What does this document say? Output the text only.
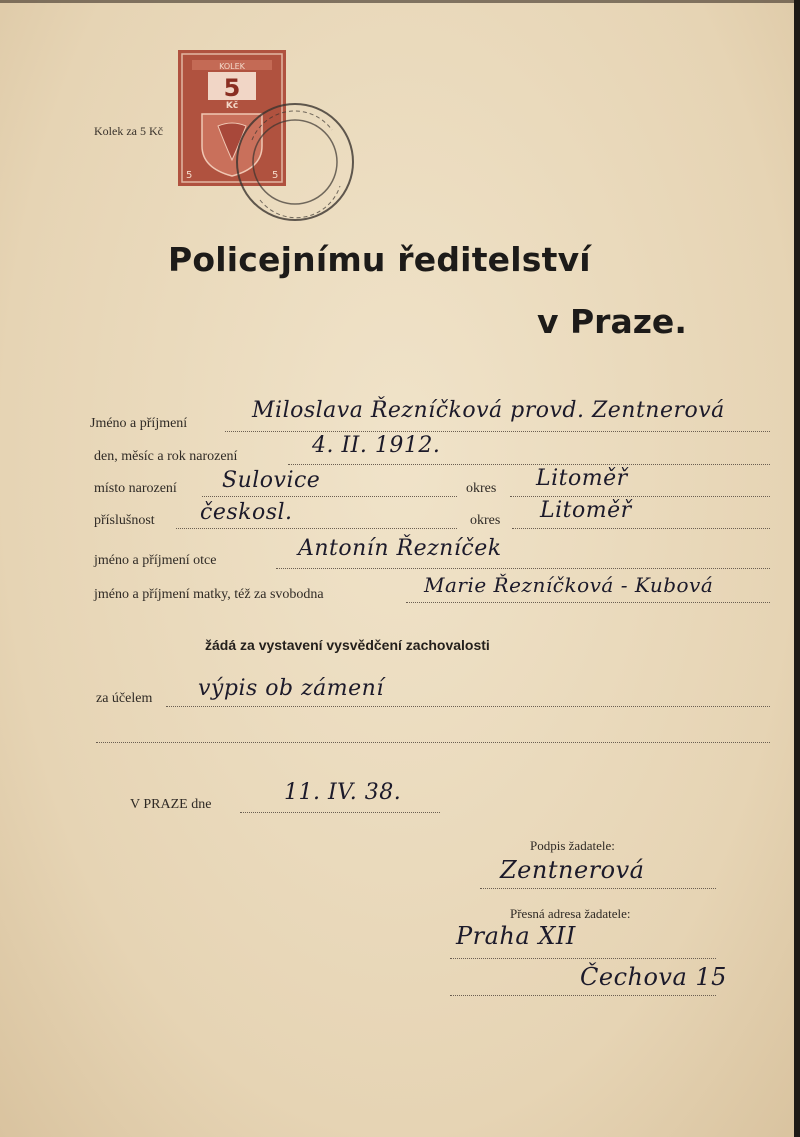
Kolek za 5 Kč
KOLEK
5
Kč
5	5
Policejnímu ředitelství
v Praze.
Jméno a příjmení
Miloslava Řezníčková provd. Zentnerová
den, měsíc a rok narození	4. II. 1912.
místo narození Sulovice	okres Litoměř
příslušnost českosl.	okres Litoměř
jméno a příjmení otce	Antonín Řezníček
jméno a příjmení matky, též za svobodna	Marie Řezníčková - Kubová
žádá za vystavení vysvědčení zachovalosti
za účelem výpis ob zámení
V PRAZE dne	11. IV. 38.
Podpis žadatele:
Zentnerová
Přesná adresa žadatele:
Praha XII
Čechova 15
